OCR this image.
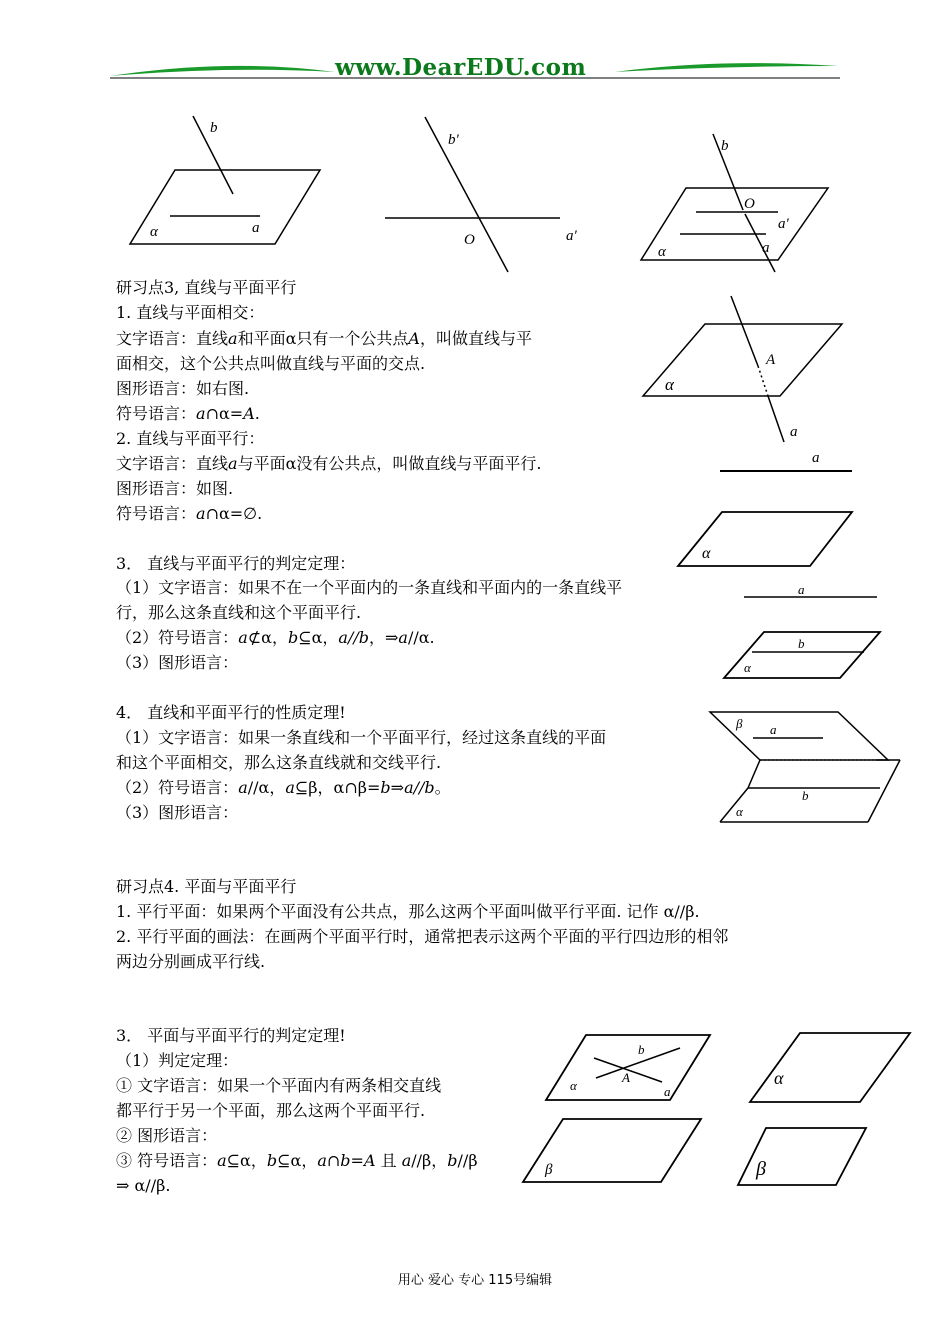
www.DearEDU.com
b
α	a
b′
O	a′
b
O
a′
a
α
研习点3, 直线与平面平行
1. 直线与平面相交：
文字语言：直线a和平面α只有一个公共点A，叫做直线与平
面相交，这个公共点叫做直线与平面的交点.
图形语言：如右图.
符号语言：a∩α=A.
2. 直线与平面平行：
文字语言：直线a与平面α没有公共点，叫做直线与平面平行.
图形语言：如图.
符号语言：a∩α=∅.
A
α
a
a
α
3． 直线与平面平行的判定定理：
（1）文字语言：如果不在一个平面内的一条直线和平面内的一条直线平
行，那么这条直线和这个平面平行.
（2）符号语言：a⊄α，b⊆α，a//b，⇒a//α.
（3）图形语言：
a
b
α
4． 直线和平面平行的性质定理!
（1）文字语言：如果一条直线和一个平面平行，经过这条直线的平面
和这个平面相交，那么这条直线就和交线平行.
（2）符号语言：a//α，a⊆β，α∩β=b⇒a//b。
（3）图形语言：
β a
b
α
研习点4. 平面与平面平行
1. 平行平面：如果两个平面没有公共点，那么这两个平面叫做平行平面. 记作 α//β.
2. 平行平面的画法：在画两个平面平行时，通常把表示这两个平面的平行四边形的相邻
两边分别画成平行线.
3． 平面与平面平行的判定定理!
（1）判定定理：
① 文字语言：如果一个平面内有两条相交直线
都平行于另一个平面，那么这两个平面平行.
② 图形语言：
③ 符号语言：a⊆α，b⊆α，a∩b=A 且 a//β，b//β
⇒ α//β.
b
A
α	a
α
β	β
用心 爱心 专心 115号编辑
